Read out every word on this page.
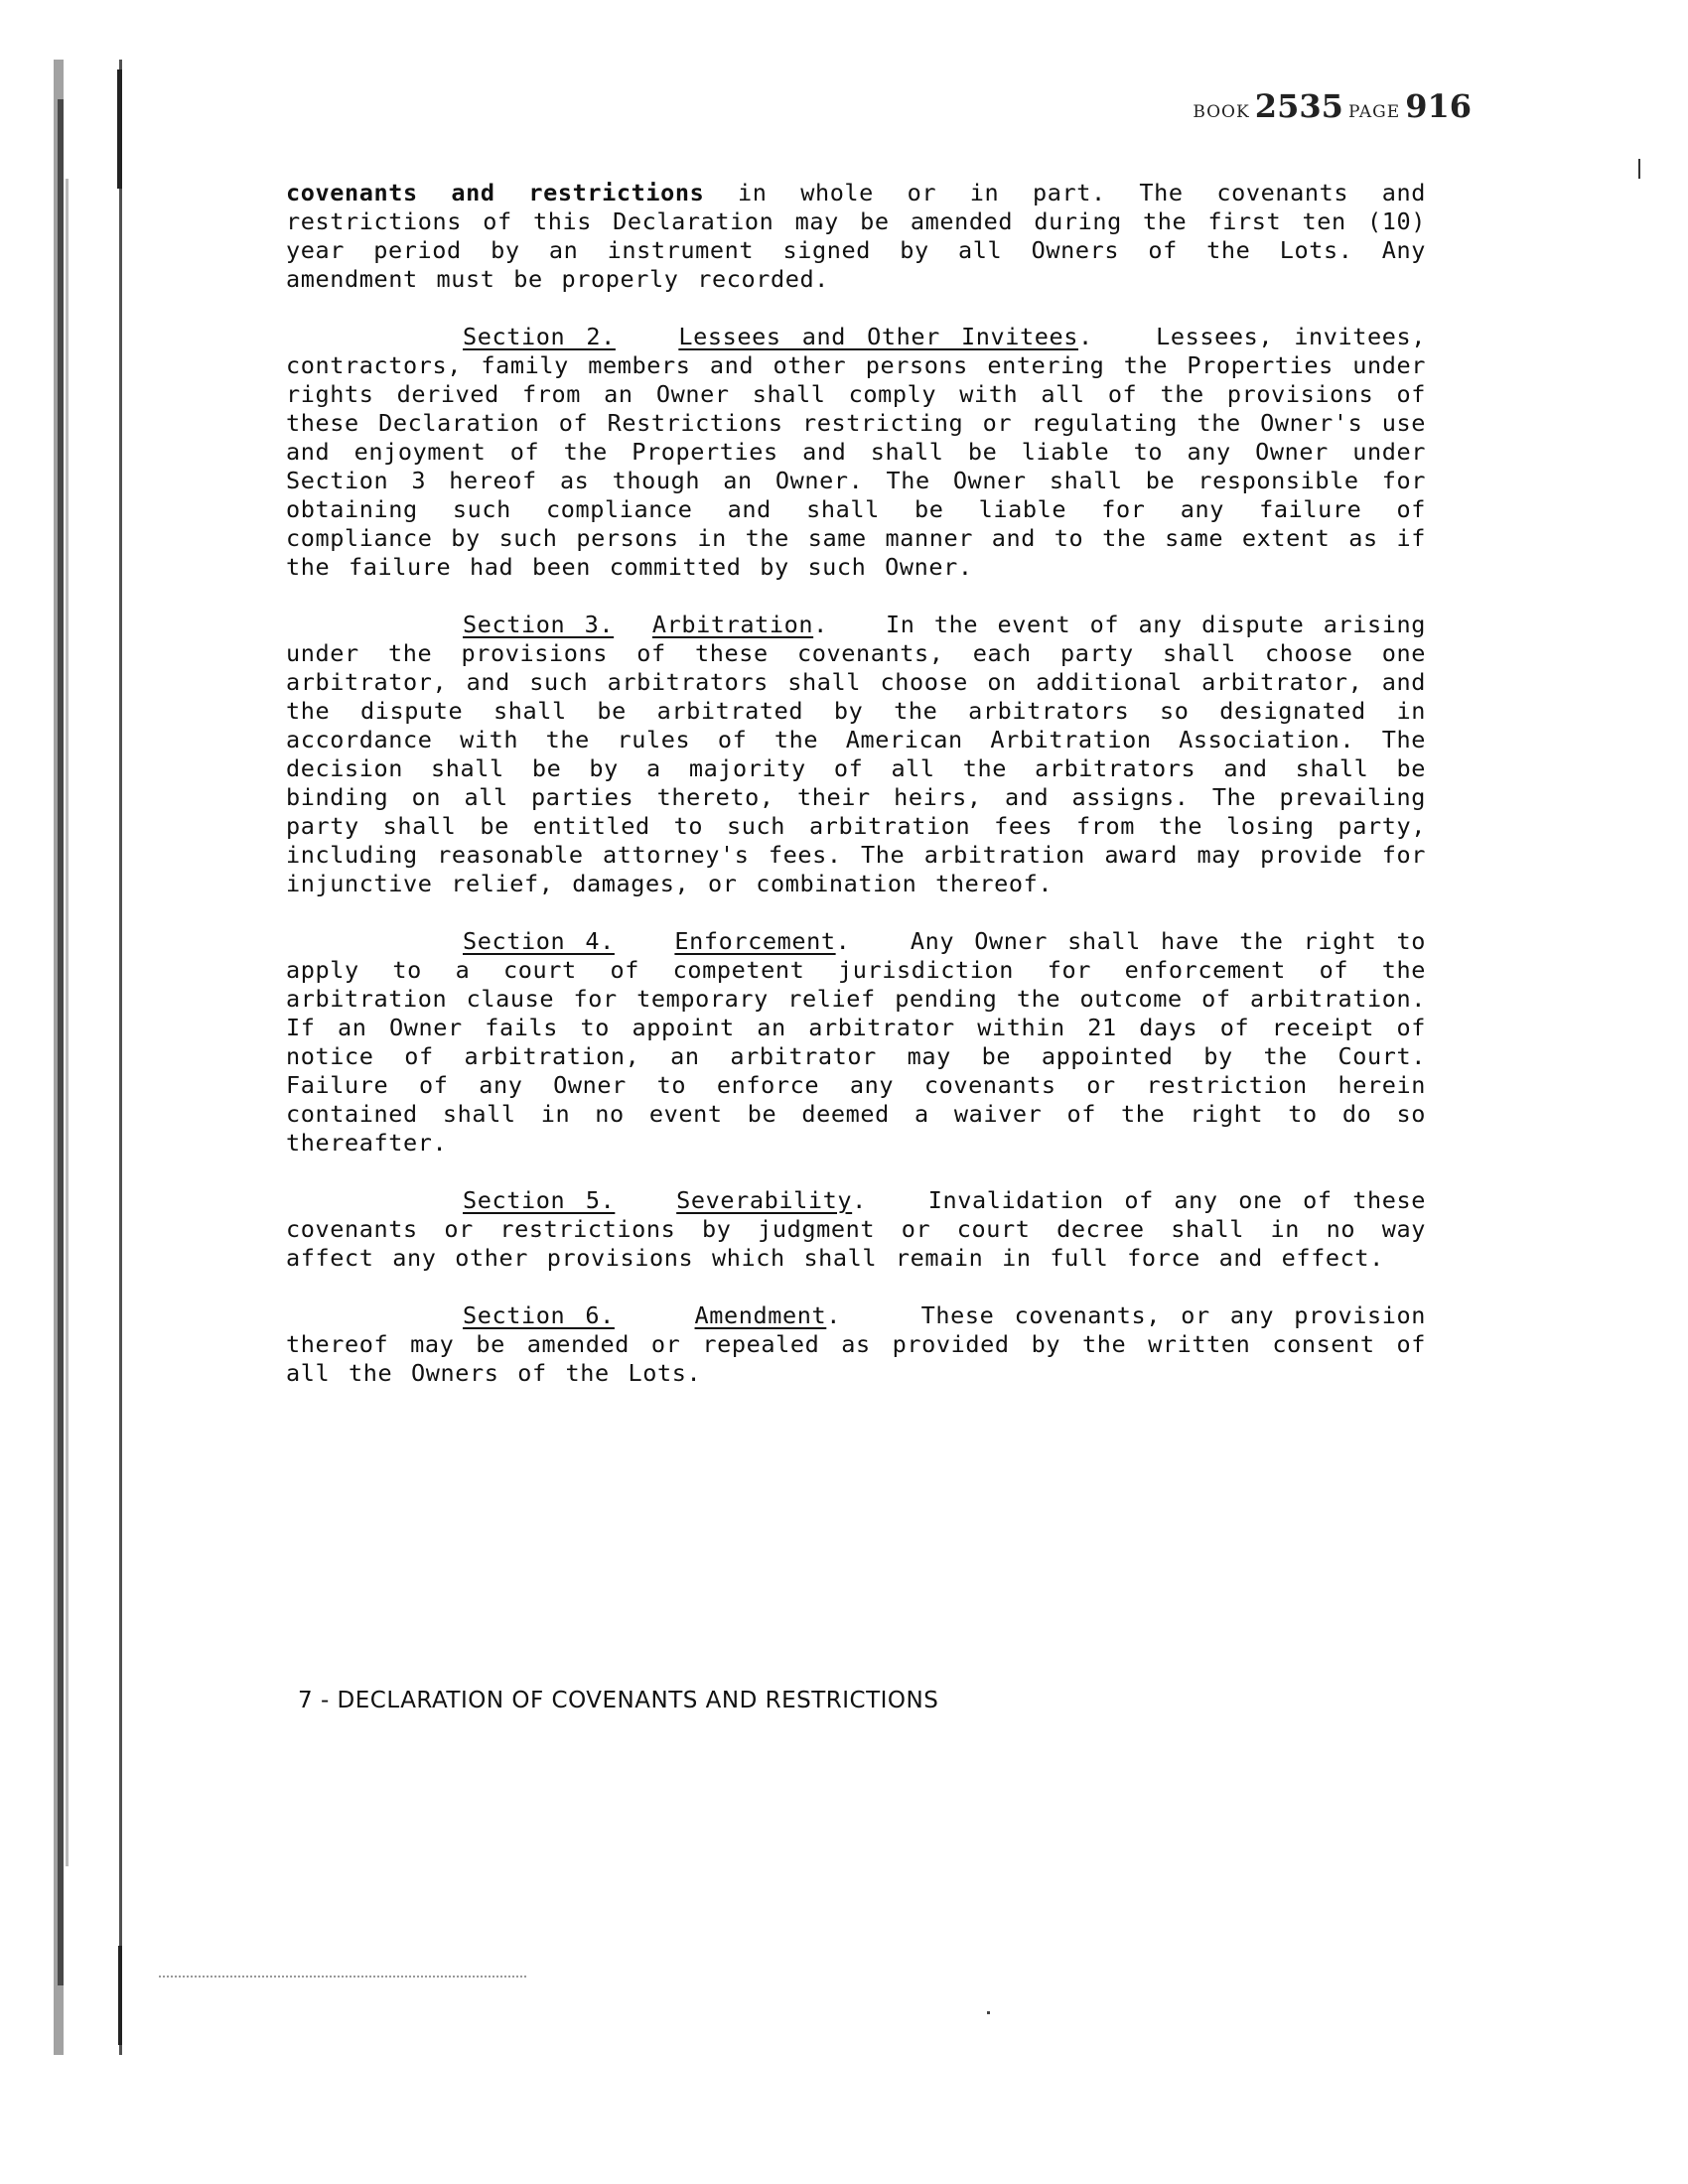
BOOK 2535 PAGE 916

covenants and restrictions in whole or in part. The covenants and restrictions of this Declaration may be amended during the first ten (10) year period by an instrument signed by all Owners of the Lots. Any amendment must be properly recorded.

Section 2.	Lessees and Other Invitees.   Lessees, invitees, contractors, family members and other persons entering the Properties under rights derived from an Owner shall comply with all of the provisions of these Declaration of Restrictions restricting or regulating the Owner's use and enjoyment of the Properties and shall be liable to any Owner under Section 3 hereof as though an Owner. The Owner shall be responsible for obtaining such compliance and shall be liable for any failure of compliance by such persons in the same manner and to the same extent as if the failure had been committed by such Owner.

Section 3. Arbitration.   In the event of any dispute arising under the provisions of these covenants, each party shall choose one arbitrator, and such arbitrators shall choose on additional arbitrator, and the dispute shall be arbitrated by the arbitrators so designated in accordance with the rules of the American Arbitration Association. The decision shall be by a majority of all the arbitrators and shall be binding on all parties thereto, their heirs, and assigns. The prevailing party shall be entitled to such arbitration fees from the losing party, including reasonable attorney's fees. The arbitration award may provide for injunctive relief, damages, or combination thereof.

Section 4.	Enforcement.   Any Owner shall have the right to apply to a court of competent jurisdiction for enforcement of the arbitration clause for temporary relief pending the outcome of arbitration. If an Owner fails to appoint an arbitrator within 21 days of receipt of notice of arbitration, an arbitrator may be appointed by the Court. Failure of any Owner to enforce any covenants or restriction herein contained shall in no event be deemed a waiver of the right to do so thereafter.

Section 5.	Severability.   Invalidation of any one of these covenants or restrictions by judgment or court decree shall in no way affect any other provisions which shall remain in full force and effect.

Section 6.	Amendment.    These covenants, or any provision thereof may be amended or repealed as provided by the written consent of all the Owners of the Lots.

7 - DECLARATION OF COVENANTS AND RESTRICTIONS
